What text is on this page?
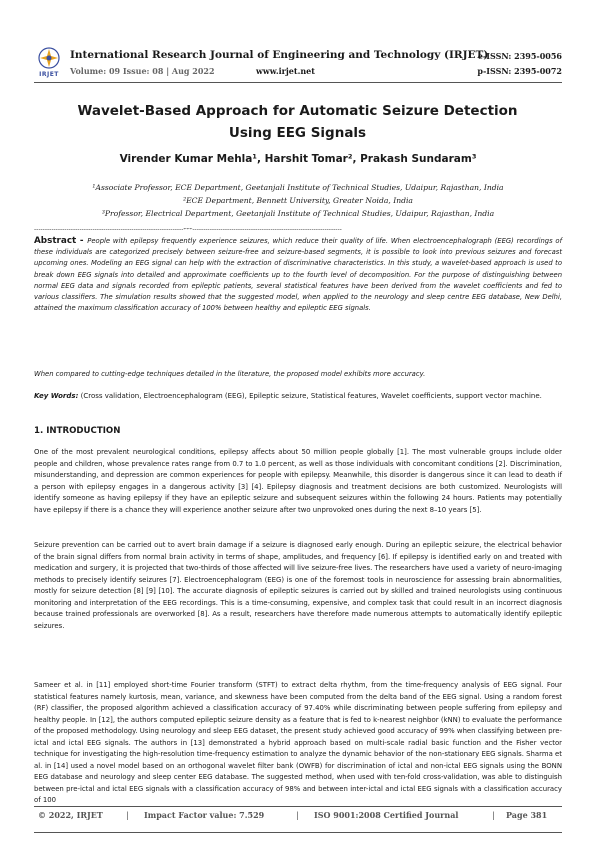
IRJET
International Research Journal of Engineering and Technology (IRJET)
Volume: 09 Issue: 08 | Aug 2022	www.irjet.net
e-ISSN: 2395-0056
p-ISSN: 2395-0072
Wavelet-Based Approach for Automatic Seizure Detection Using EEG Signals
Virender Kumar Mehla¹, Harshit Tomar², Prakash Sundaram³
¹Associate Professor, ECE Department, Geetanjali Institute of Technical Studies, Udaipur, Rajasthan, India
²ECE Department, Bennett University, Greater Noida, India
³Professor, Electrical Department, Geetanjali Institute of Technical Studies, Udaipur, Rajasthan, India
---------------------------------------------------------------------***---------------------------------------------------------------------
Abstract - People with epilepsy frequently experience seizures, which reduce their quality of life. When electroencephalograph (EEG) recordings of these individuals are categorized precisely between seizure-free and seizure-based segments, it is possible to look into previous seizures and forecast upcoming ones. Modeling an EEG signal can help with the extraction of discriminative characteristics. In this study, a wavelet-based approach is used to break down EEG signals into detailed and approximate coefficients up to the fourth level of decomposition. For the purpose of distinguishing between normal EEG data and signals recorded from epileptic patients, several statistical features have been derived from the wavelet coefficients and fed to various classifiers. The simulation results showed that the suggested model, when applied to the neurology and sleep centre EEG database, New Delhi, attained the maximum classification accuracy of 100% between healthy and epileptic EEG signals.
When compared to cutting-edge techniques detailed in the literature, the proposed model exhibits more accuracy.
Key Words: (Cross validation, Electroencephalogram (EEG), Epileptic seizure, Statistical features, Wavelet coefficients, support vector machine.
1. INTRODUCTION
One of the most prevalent neurological conditions, epilepsy affects about 50 million people globally [1]. The most vulnerable groups include older people and children, whose prevalence rates range from 0.7 to 1.0 percent, as well as those individuals with concomitant conditions [2]. Discrimination, misunderstanding, and depression are common experiences for people with epilepsy. Meanwhile, this disorder is dangerous since it can lead to death if a person with epilepsy engages in a dangerous activity [3] [4]. Epilepsy diagnosis and treatment decisions are both customized. Neurologists will identify someone as having epilepsy if they have an epileptic seizure and subsequent seizures within the following 24 hours. Patients may potentially have epilepsy if there is a chance they will experience another seizure after two unprovoked ones during the next 8–10 years [5].
Seizure prevention can be carried out to avert brain damage if a seizure is diagnosed early enough. During an epileptic seizure, the electrical behavior of the brain signal differs from normal brain activity in terms of shape, amplitudes, and frequency [6]. If epilepsy is identified early on and treated with medication and surgery, it is projected that two-thirds of those affected will live seizure-free lives. The researchers have used a variety of neuro-imaging methods to precisely identify seizures [7]. Electroencephalogram (EEG) is one of the foremost tools in neuroscience for assessing brain abnormalities, mostly for seizure detection [8] [9] [10]. The accurate diagnosis of epileptic seizures is carried out by skilled and trained neurologists using continuous monitoring and interpretation of the EEG recordings. This is a time-consuming, expensive, and complex task that could result in an incorrect diagnosis because trained professionals are overworked [8]. As a result, researchers have therefore made numerous attempts to automatically identify epileptic seizures.
Sameer et al. in [11] employed short-time Fourier transform (STFT) to extract delta rhythm, from the time-frequency analysis of EEG signal. Four statistical features namely kurtosis, mean, variance, and skewness have been computed from the delta band of the EEG signal. Using a random forest (RF) classifier, the proposed algorithm achieved a classification accuracy of 97.40% while discriminating between people suffering from epilepsy and healthy people. In [12], the authors computed epileptic seizure density as a feature that is fed to k-nearest neighbor (kNN) to evaluate the performance of the proposed methodology. Using neurology and sleep EEG dataset, the present study achieved good accuracy of 99% when classifying between pre-ictal and ictal EEG signals. The authors in [13] demonstrated a hybrid approach based on multi-scale radial basic function and the Fisher vector technique for investigating the high-resolution time-frequency estimation to analyze the dynamic behavior of the non-stationary EEG signals. Sharma et al. in [14] used a novel model based on an orthogonal wavelet filter bank (OWFB) for discrimination of ictal and non-ictal EEG signals using the BONN EEG database and neurology and sleep center EEG database. The suggested method, when used with ten-fold cross-validation, was able to distinguish between pre-ictal and ictal EEG signals with a classification accuracy of 98% and between inter-ictal and ictal EEG signals with a classification accuracy of 100
© 2022, IRJET	| Impact Factor value: 7.529	| ISO 9001:2008 Certified Journal	| Page 381
